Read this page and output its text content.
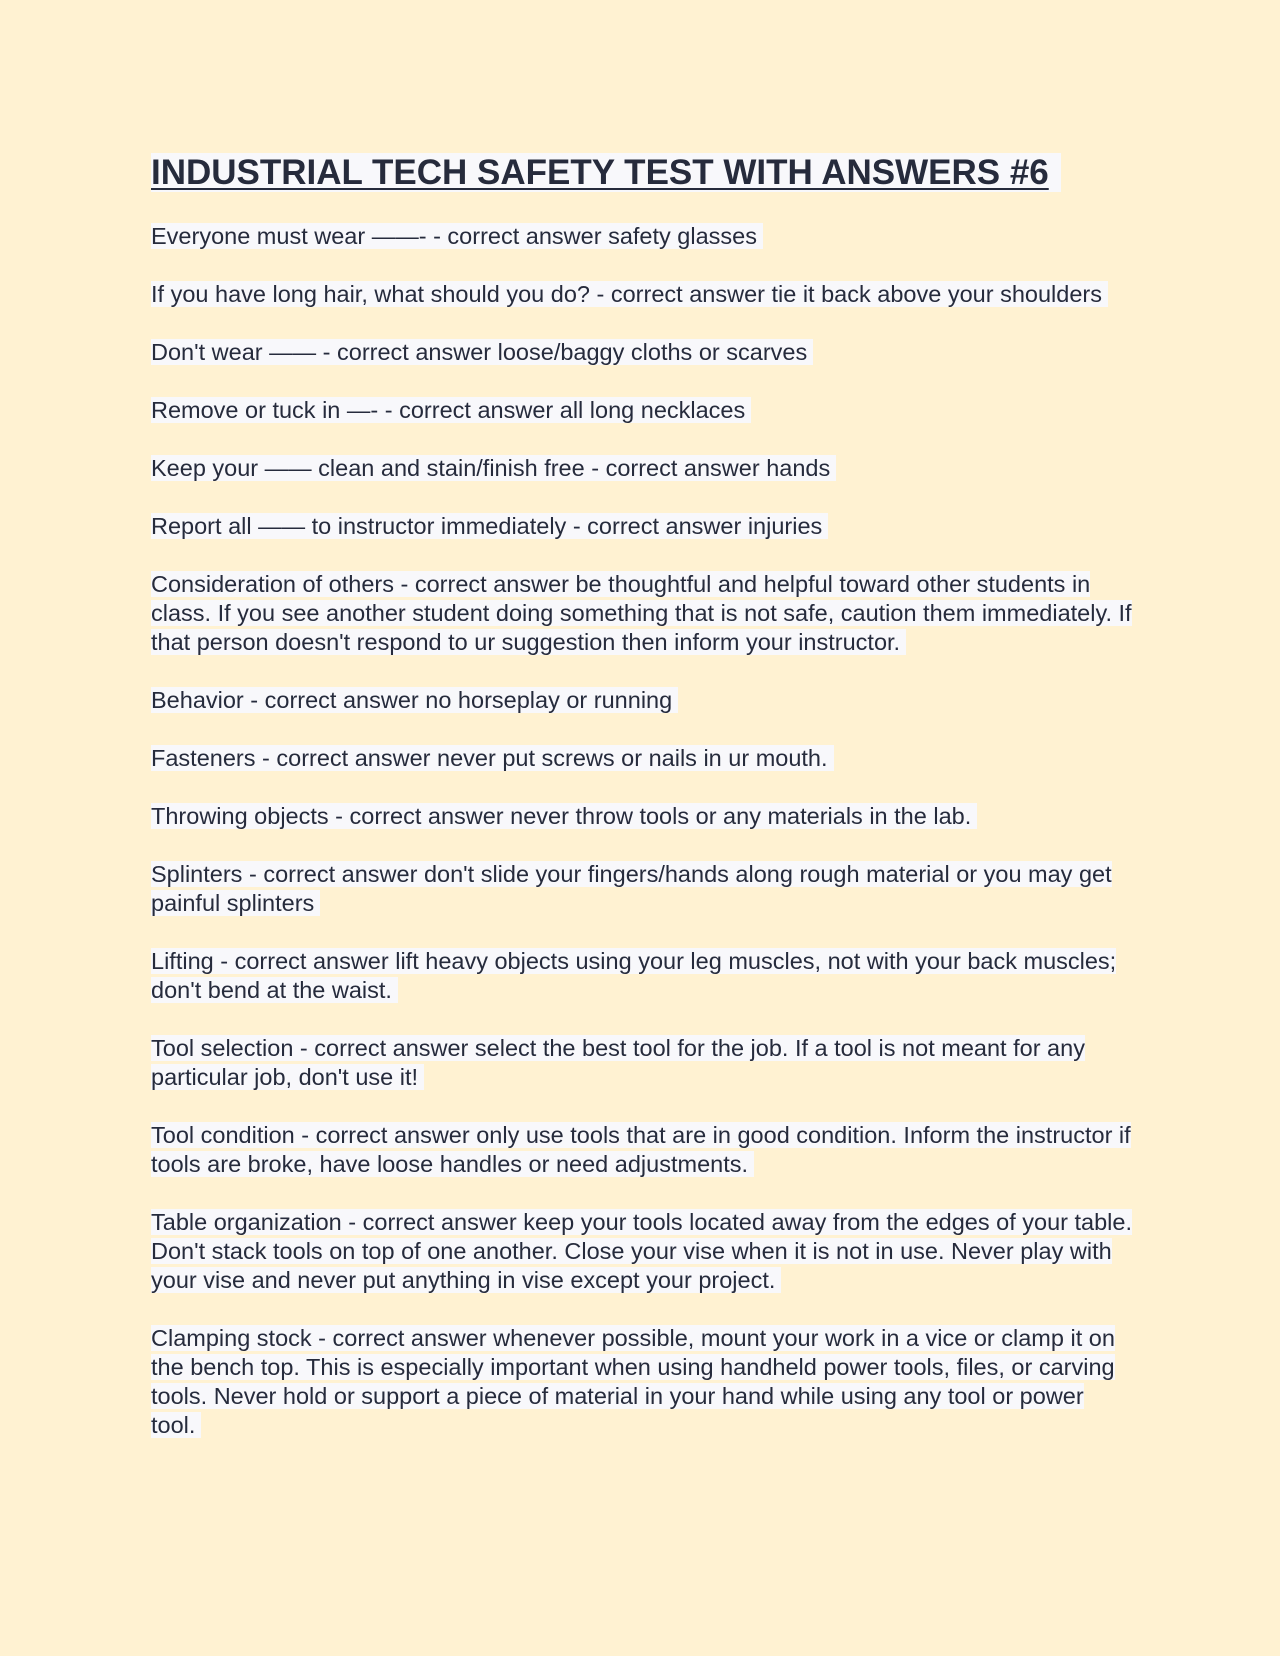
INDUSTRIAL TECH SAFETY TEST WITH ANSWERS #6

Everyone must wear ——- - correct answer safety glasses

If you have long hair, what should you do? - correct answer tie it back above your shoulders

Don't wear —— - correct answer loose/baggy cloths or scarves

Remove or tuck in —- - correct answer all long necklaces

Keep your —— clean and stain/finish free - correct answer hands

Report all —— to instructor immediately - correct answer injuries

Consideration of others - correct answer be thoughtful and helpful toward other students in class. If you see another student doing something that is not safe, caution them immediately. If that person doesn't respond to ur suggestion then inform your instructor.

Behavior - correct answer no horseplay or running

Fasteners - correct answer never put screws or nails in ur mouth.

Throwing objects - correct answer never throw tools or any materials in the lab.

Splinters - correct answer don't slide your fingers/hands along rough material or you may get painful splinters

Lifting - correct answer lift heavy objects using your leg muscles, not with your back muscles; don't bend at the waist.

Tool selection - correct answer select the best tool for the job. If a tool is not meant for any particular job, don't use it!

Tool condition - correct answer only use tools that are in good condition. Inform the instructor if tools are broke, have loose handles or need adjustments.

Table organization - correct answer keep your tools located away from the edges of your table. Don't stack tools on top of one another. Close your vise when it is not in use. Never play with your vise and never put anything in vise except your project.

Clamping stock - correct answer whenever possible, mount your work in a vice or clamp it on the bench top. This is especially important when using handheld power tools, files, or carving tools. Never hold or support a piece of material in your hand while using any tool or power tool.
